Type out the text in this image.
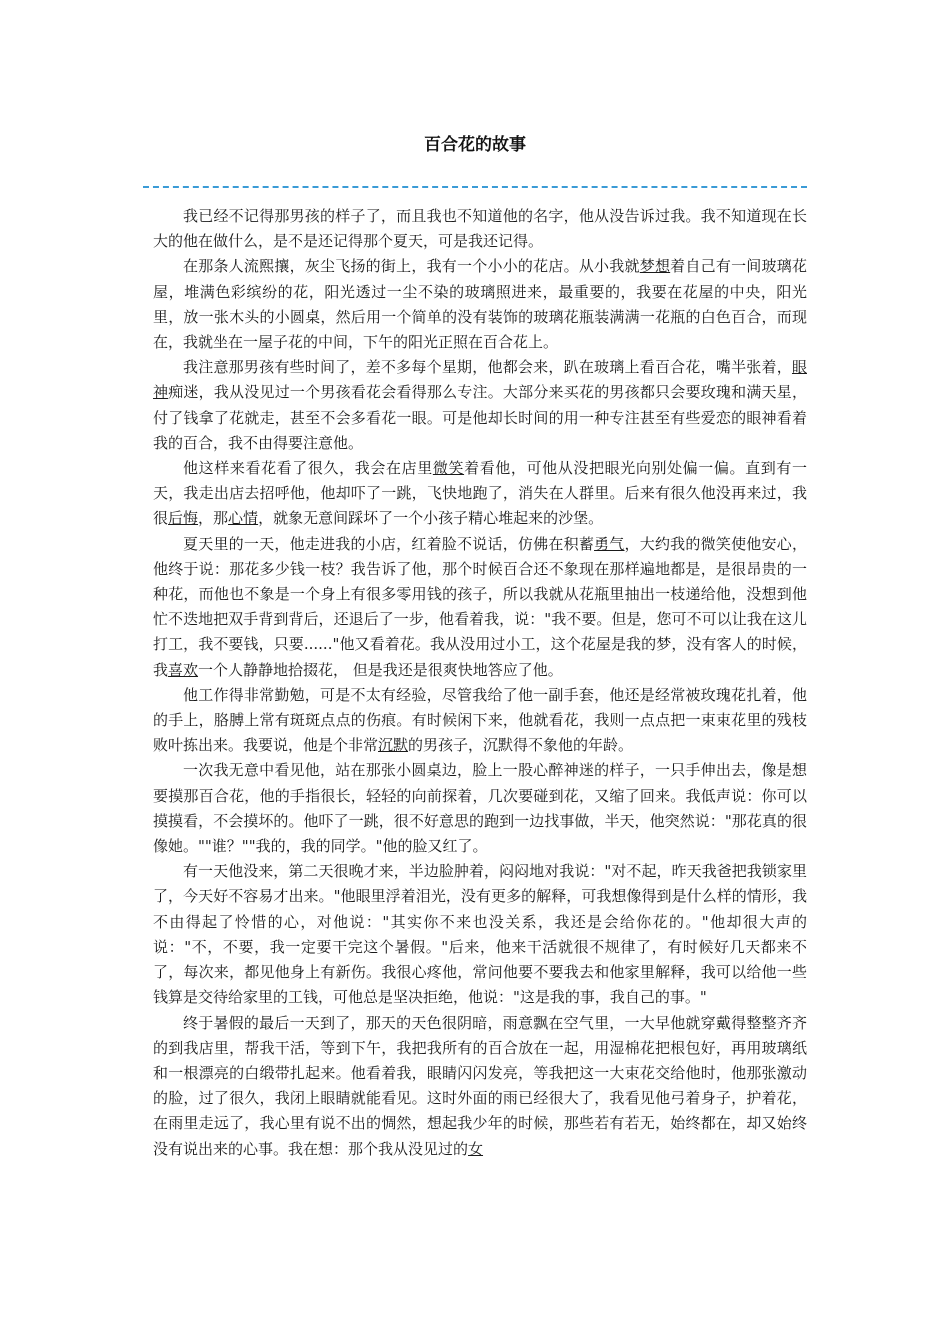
百合花的故事

我已经不记得那男孩的样子了，而且我也不知道他的名字，他从没告诉过我。我不知道现在长大的他在做什么，是不是还记得那个夏天，可是我还记得。

在那条人流熙攘，灰尘飞扬的街上，我有一个小小的花店。从小我就梦想着自己有一间玻璃花屋，堆满色彩缤纷的花，阳光透过一尘不染的玻璃照进来，最重要的，我要在花屋的中央，阳光里，放一张木头的小圆桌，然后用一个简单的没有装饰的玻璃花瓶装满满一花瓶的白色百合，而现在，我就坐在一屋子花的中间，下午的阳光正照在百合花上。

我注意那男孩有些时间了，差不多每个星期，他都会来，趴在玻璃上看百合花，嘴半张着，眼神痴迷，我从没见过一个男孩看花会看得那么专注。大部分来买花的男孩都只会要玫瑰和满天星，付了钱拿了花就走，甚至不会多看花一眼。可是他却长时间的用一种专注甚至有些爱恋的眼神看着我的百合，我不由得要注意他。

他这样来看花看了很久，我会在店里微笑着看他，可他从没把眼光向别处偏一偏。直到有一天，我走出店去招呼他，他却吓了一跳，飞快地跑了，消失在人群里。后来有很久他没再来过，我很后悔，那心情，就象无意间踩坏了一个小孩子精心堆起来的沙堡。

夏天里的一天，他走进我的小店，红着脸不说话，仿佛在积蓄勇气，大约我的微笑使他安心，他终于说：那花多少钱一枝？我告诉了他，那个时候百合还不象现在那样遍地都是，是很昂贵的一种花，而他也不象是一个身上有很多零用钱的孩子，所以我就从花瓶里抽出一枝递给他，没想到他忙不迭地把双手背到背后，还退后了一步，他看着我，说："我不要。但是，您可不可以让我在这儿打工，我不要钱，只要......"他又看着花。我从没用过小工，这个花屋是我的梦，没有客人的时候，我喜欢一个人静静地拾掇花， 但是我还是很爽快地答应了他。

他工作得非常勤勉，可是不太有经验，尽管我给了他一副手套，他还是经常被玫瑰花扎着，他的手上，胳膊上常有斑斑点点的伤痕。有时候闲下来，他就看花，我则一点点把一束束花里的残枝败叶拣出来。我要说，他是个非常沉默的男孩子，沉默得不象他的年龄。

一次我无意中看见他，站在那张小圆桌边，脸上一股心醉神迷的样子，一只手伸出去，像是想要摸那百合花，他的手指很长，轻轻的向前探着，几次要碰到花，又缩了回来。我低声说：你可以摸摸看，不会摸坏的。他吓了一跳，很不好意思的跑到一边找事做，半天，他突然说："那花真的很像她。""谁？""我的，我的同学。"他的脸又红了。

有一天他没来，第二天很晚才来，半边脸肿着，闷闷地对我说："对不起，昨天我爸把我锁家里了，今天好不容易才出来。"他眼里浮着泪光，没有更多的解释，可我想像得到是什么样的情形，我不由得起了怜惜的心，对他说："其实你不来也没关系，我还是会给你花的。"他却很大声的说："不，不要，我一定要干完这个暑假。"后来，他来干活就很不规律了，有时候好几天都来不了，每次来，都见他身上有新伤。我很心疼他，常问他要不要我去和他家里解释，我可以给他一些钱算是交待给家里的工钱，可他总是坚决拒绝，他说："这是我的事，我自己的事。"

终于暑假的最后一天到了，那天的天色很阴暗，雨意飘在空气里，一大早他就穿戴得整整齐齐的到我店里，帮我干活，等到下午，我把我所有的百合放在一起，用湿棉花把根包好，再用玻璃纸和一根漂亮的白缎带扎起来。他看着我，眼睛闪闪发亮，等我把这一大束花交给他时，他那张激动的脸，过了很久，我闭上眼睛就能看见。这时外面的雨已经很大了，我看见他弓着身子，护着花，在雨里走远了，我心里有说不出的惆然，想起我少年的时候，那些若有若无，始终都在，却又始终没有说出来的心事。我在想：那个我从没见过的女
